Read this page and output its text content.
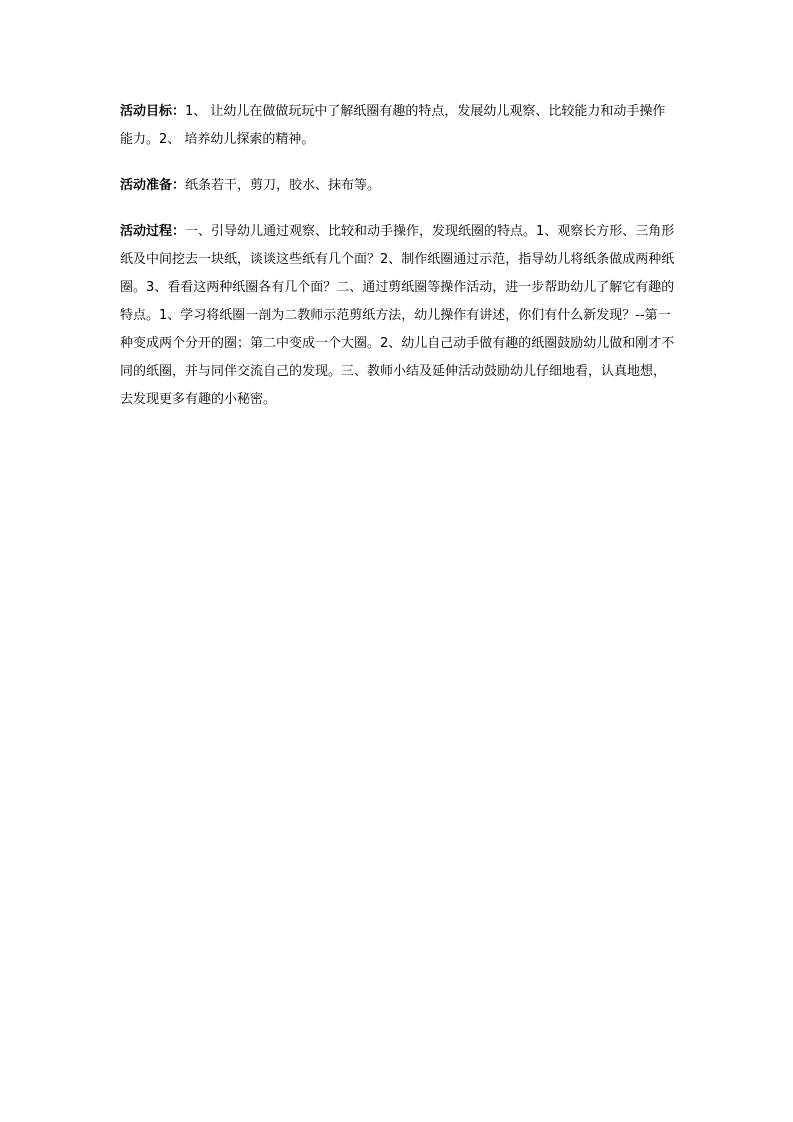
活动目标：1、 让幼儿在做做玩玩中了解纸圈有趣的特点，发展幼儿观察、比较能力和动手操作能力。2、 培养幼儿探索的精神。

活动准备：纸条若干，剪刀，胶水、抹布等。

活动过程：一、引导幼儿通过观察、比较和动手操作，发现纸圈的特点。1、观察长方形、三角形纸及中间挖去一块纸，谈谈这些纸有几个面？2、制作纸圈通过示范，指导幼儿将纸条做成两种纸圈。3、看看这两种纸圈各有几个面？二、通过剪纸圈等操作活动，进一步帮助幼儿了解它有趣的特点。1、学习将纸圈一剖为二教师示范剪纸方法，幼儿操作有讲述，你们有什么新发现？--第一种变成两个分开的圈；第二中变成一个大圈。2、幼儿自己动手做有趣的纸圈鼓励幼儿做和刚才不同的纸圈，并与同伴交流自己的发现。三、教师小结及延伸活动鼓励幼儿仔细地看，认真地想，去发现更多有趣的小秘密。
